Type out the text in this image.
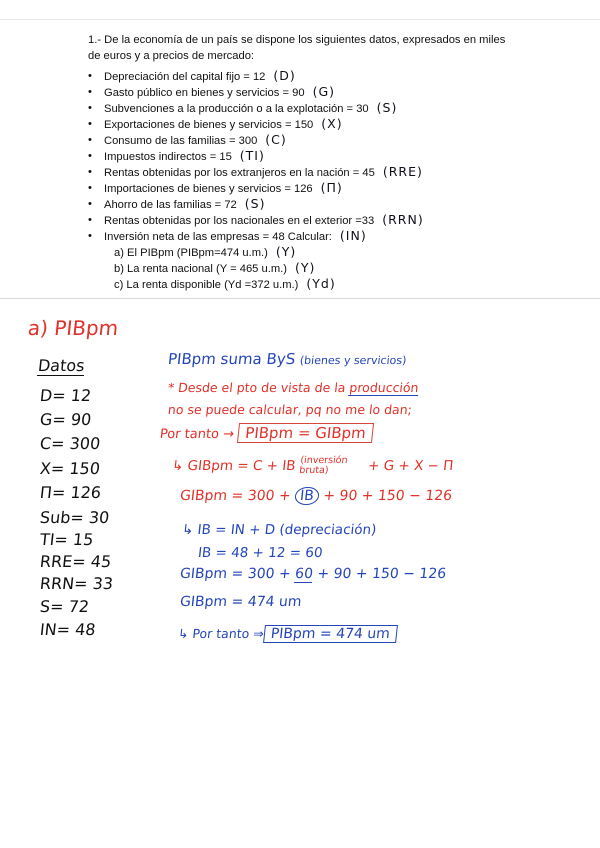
1.- De la economía de un país se dispone los siguientes datos, expresados en miles de euros y a precios de mercado:
• Depreciación del capital fijo = 12 (D)
• Gasto público en bienes y servicios = 90 (G)
• Subvenciones a la producción o a la explotación = 30 (S)
• Exportaciones de bienes y servicios = 150 (X)
• Consumo de las familias = 300 (C)
• Impuestos indirectos = 15 (TI)
• Rentas obtenidas por los extranjeros en la nación = 45 (RRE)
• Importaciones de bienes y servicios = 126 (Π)
• Ahorro de las familias = 72 (S)
• Rentas obtenidas por los nacionales en el exterior =33 (RRN)
• Inversión neta de las empresas = 48 Calcular: (IN)
a) El PIBpm (PIBpm=474 u.m.) (Y)
b) La renta nacional (Y = 465 u.m.) (Y)
c) La renta disponible (Yd =372 u.m.) (Yd)
a) PIBpm
Datos
D= 12
G= 90
C= 300
X= 150
Π= 126
Sub= 30
TI= 15
RRE= 45
RRN= 33
S= 72
IN= 48
PIBpm suma ByS (bienes y servicios)
* Desde el pto de vista de la producción
no se puede calcular, pq no me lo dan;
Por tanto → PIBpm = GIBpm
↳ GIBpm = C + IB (inversión bruta)	+ G + X − Π
GIBpm = 300 + IB + 90 + 150 − 126
↳ IB = IN + D (depreciación)
IB = 48 + 12 = 60
GIBpm = 300 + 60 + 90 + 150 − 126
GIBpm = 474 um
↳ Por tanto ⇒ PIBpm = 474 um
